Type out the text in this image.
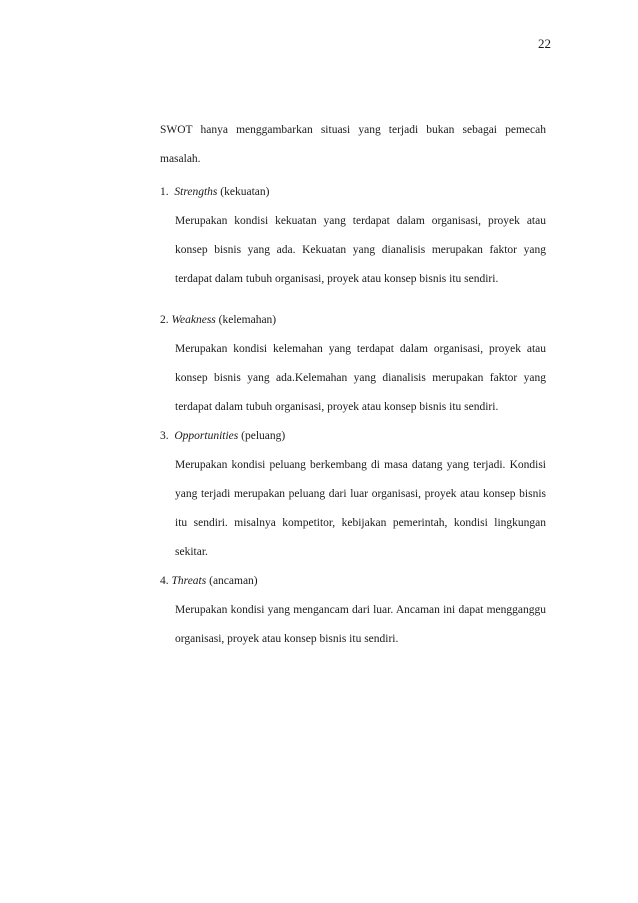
22

SWOT hanya menggambarkan situasi yang terjadi bukan sebagai pemecah masalah.

1. Strengths (kekuatan)

Merupakan kondisi kekuatan yang terdapat dalam organisasi, proyek atau konsep bisnis yang ada. Kekuatan yang dianalisis merupakan faktor yang terdapat dalam tubuh organisasi, proyek atau konsep bisnis itu sendiri.

2. Weakness (kelemahan)

Merupakan kondisi kelemahan yang terdapat dalam organisasi, proyek atau konsep bisnis yang ada.Kelemahan yang dianalisis merupakan faktor yang terdapat dalam tubuh organisasi, proyek atau konsep bisnis itu sendiri.

3. Opportunities (peluang)

Merupakan kondisi peluang berkembang di masa datang yang terjadi. Kondisi yang terjadi merupakan peluang dari luar organisasi, proyek atau konsep bisnis itu sendiri. misalnya kompetitor, kebijakan pemerintah, kondisi lingkungan sekitar.

4. Threats (ancaman)

Merupakan kondisi yang mengancam dari luar. Ancaman ini dapat mengganggu organisasi, proyek atau konsep bisnis itu sendiri.
